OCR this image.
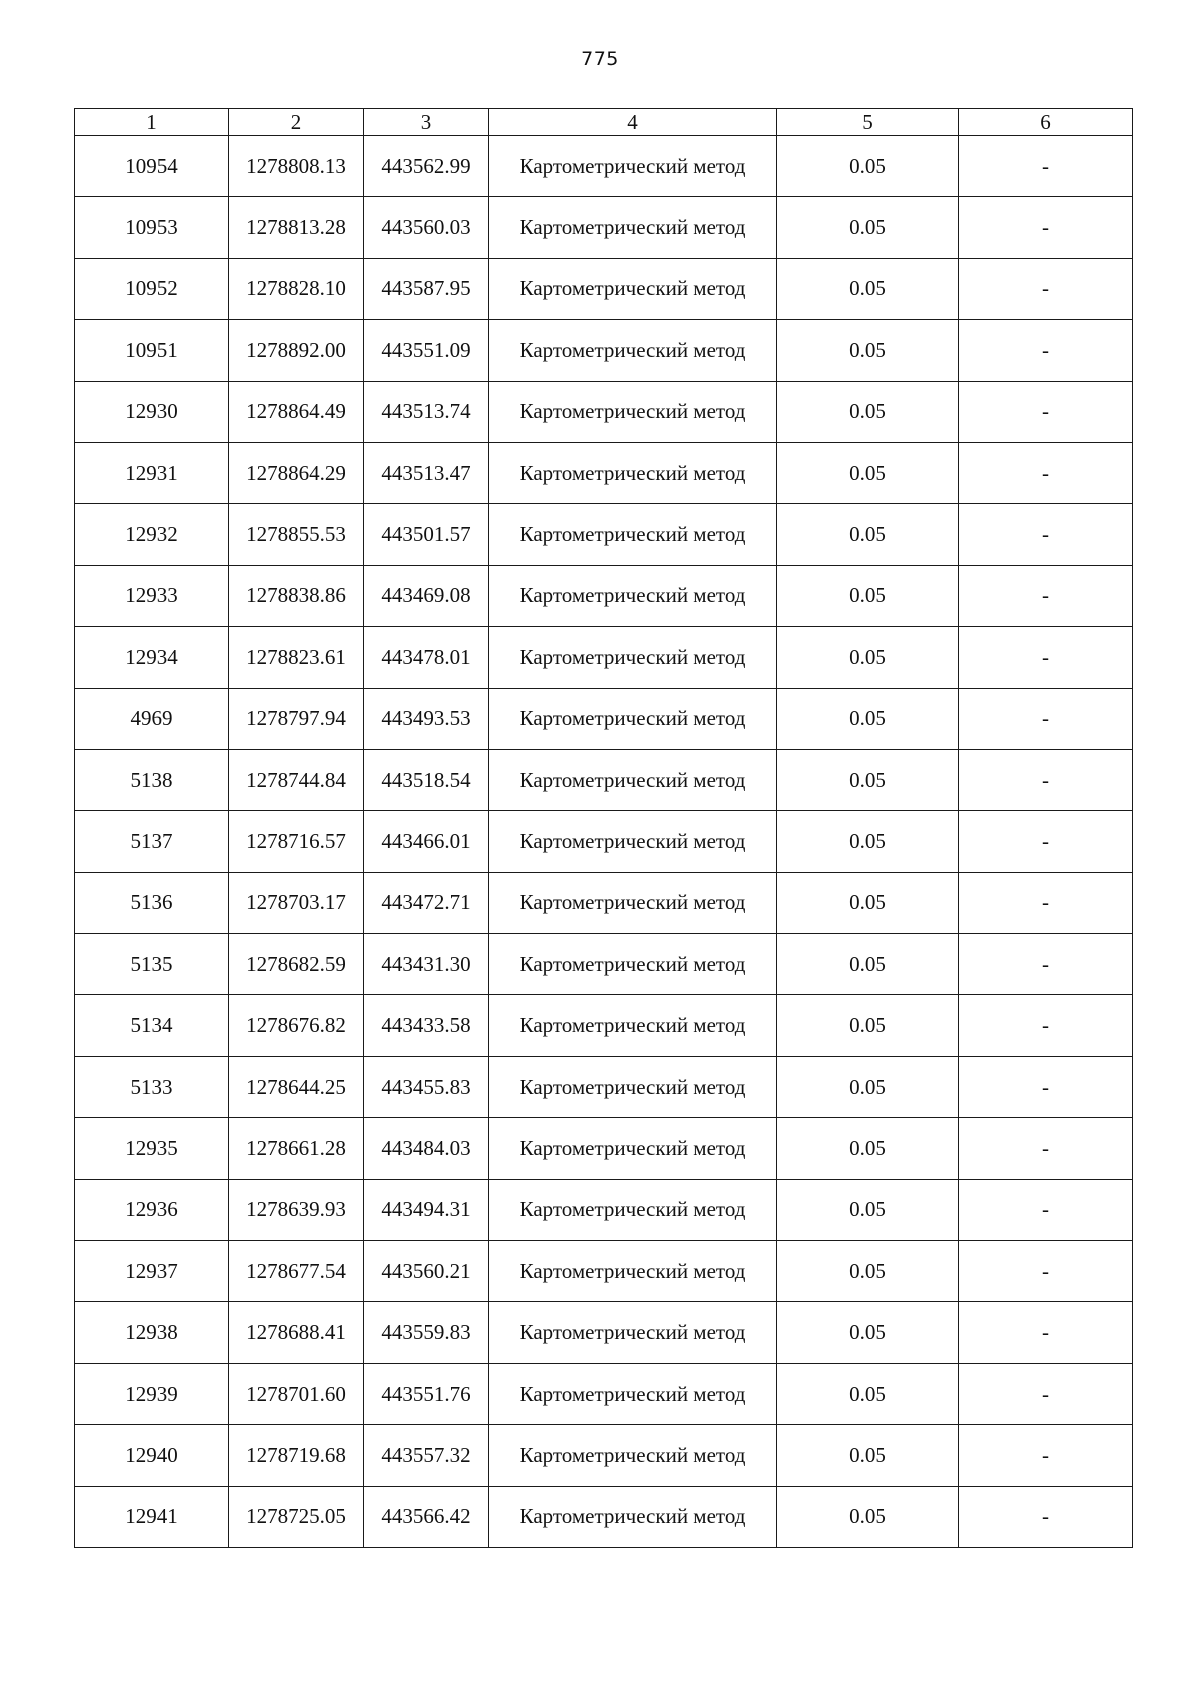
775
1	2	3	4	5	6
10954	1278808.13	443562.99	Картометрический метод	0.05	-
10953	1278813.28	443560.03	Картометрический метод	0.05	-
10952	1278828.10	443587.95	Картометрический метод	0.05	-
10951	1278892.00	443551.09	Картометрический метод	0.05	-
12930	1278864.49	443513.74	Картометрический метод	0.05	-
12931	1278864.29	443513.47	Картометрический метод	0.05	-
12932	1278855.53	443501.57	Картометрический метод	0.05	-
12933	1278838.86	443469.08	Картометрический метод	0.05	-
12934	1278823.61	443478.01	Картометрический метод	0.05	-
4969	1278797.94	443493.53	Картометрический метод	0.05	-
5138	1278744.84	443518.54	Картометрический метод	0.05	-
5137	1278716.57	443466.01	Картометрический метод	0.05	-
5136	1278703.17	443472.71	Картометрический метод	0.05	-
5135	1278682.59	443431.30	Картометрический метод	0.05	-
5134	1278676.82	443433.58	Картометрический метод	0.05	-
5133	1278644.25	443455.83	Картометрический метод	0.05	-
12935	1278661.28	443484.03	Картометрический метод	0.05	-
12936	1278639.93	443494.31	Картометрический метод	0.05	-
12937	1278677.54	443560.21	Картометрический метод	0.05	-
12938	1278688.41	443559.83	Картометрический метод	0.05	-
12939	1278701.60	443551.76	Картометрический метод	0.05	-
12940	1278719.68	443557.32	Картометрический метод	0.05	-
12941	1278725.05	443566.42	Картометрический метод	0.05	-
